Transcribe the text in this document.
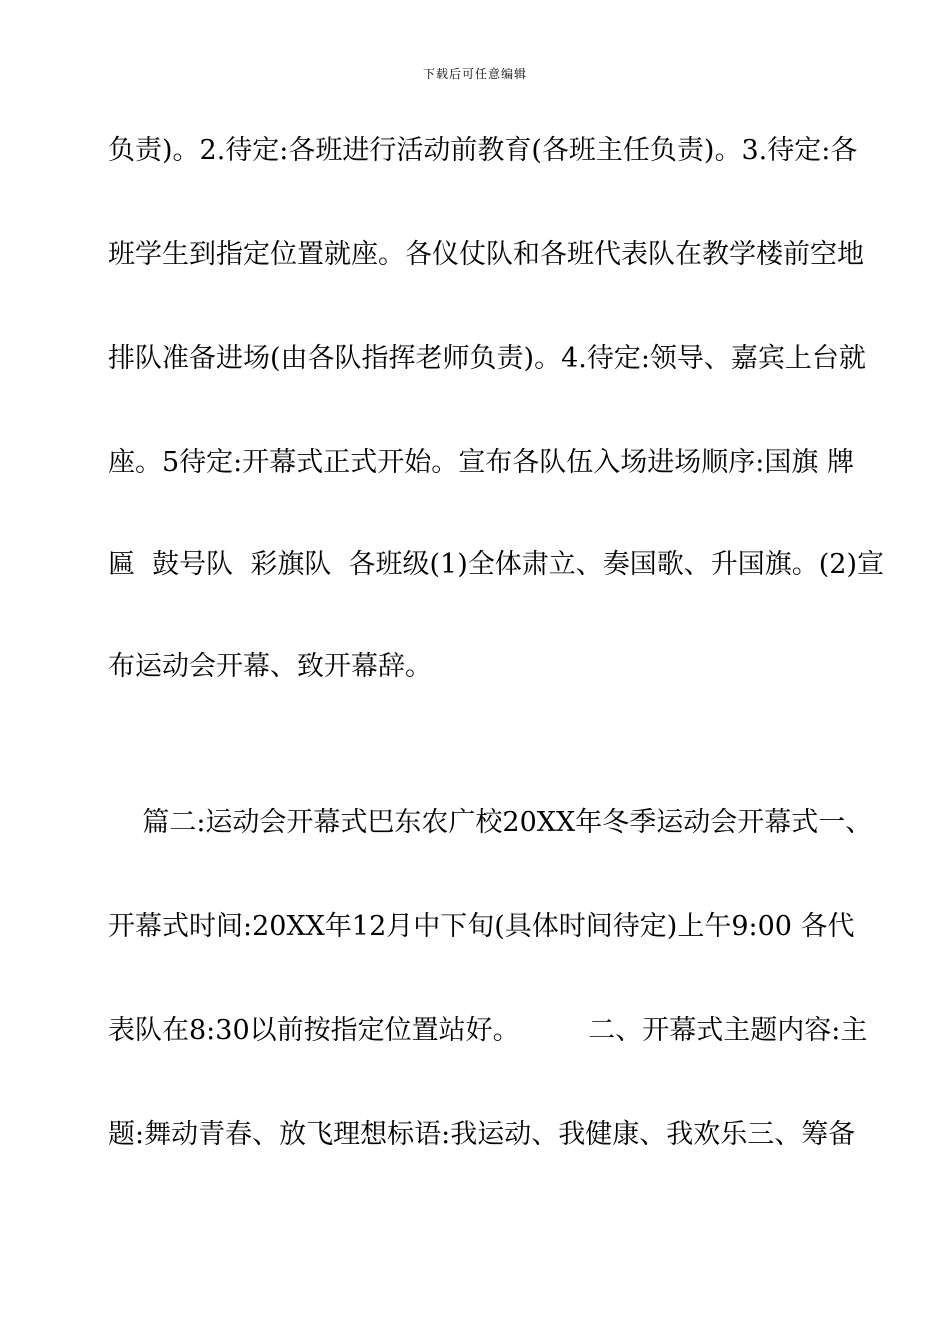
下载后可任意编辑
负责)。2.待定:各班进行活动前教育(各班主任负责)。3.待定:各
班学生到指定位置就座。各仪仗队和各班代表队在教学楼前空地
排队准备进场(由各队指挥老师负责)。4.待定:领导、嘉宾上台就
座。5待定:开幕式正式开始。宣布各队伍入场进场顺序:国旗 牌
匾  鼓号队  彩旗队  各班级(1)全体肃立、奏国歌、升国旗。(2)宣
布运动会开幕、致开幕辞。
篇二:运动会开幕式巴东农广校20XX年冬季运动会开幕式一、
开幕式时间:20XX年12月中下旬(具体时间待定)上午9:00 各代
表队在8:30以前按指定位置站好。        二、开幕式主题内容:主
题:舞动青春、放飞理想标语:我运动、我健康、我欢乐三、筹备
